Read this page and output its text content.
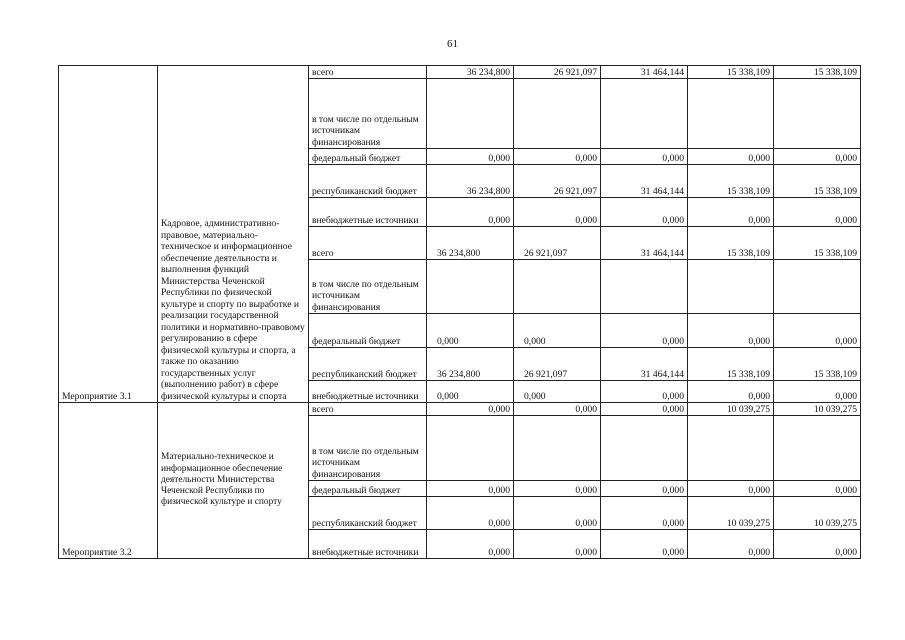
61
Мероприятие 3.1	Кадровое, административно-правовое, материально-техническое и информационное обеспечение деятельности и выполнения функций Министерства Чеченской Республики по физической культуре и спорту по выработке и реализации государственной политики и нормативно-правовому регулированию в сфере физической культуры и спорта, а также по оказанию государственных услуг (выполнению работ) в сфере физической культуры и спорта	всего	36 234,800	26 921,097	31 464,144	15 338,109	15 338,109
		в том числе по отдельным источникам финансирования					
		федеральный бюджет	0,000	0,000	0,000	0,000	0,000
		республиканский бюджет	36 234,800	26 921,097	31 464,144	15 338,109	15 338,109
		внебюджетные источники	0,000	0,000	0,000	0,000	0,000
		всего	36 234,800	26 921,097	31 464,144	15 338,109	15 338,109
		в том числе по отдельным источникам финансирования					
		федеральный бюджет	0,000	0,000	0,000	0,000	0,000
		республиканский бюджет	36 234,800	26 921,097	31 464,144	15 338,109	15 338,109
		внебюджетные источники	0,000	0,000	0,000	0,000	0,000
Мероприятие 3.2	Материально-техническое и информационное обеспечение деятельности Министерства Чеченской Республики по физической культуре и спорту	всего	0,000	0,000	0,000	10 039,275	10 039,275
		в том числе по отдельным источникам финансирования					
		федеральный бюджет	0,000	0,000	0,000	0,000	0,000
		республиканский бюджет	0,000	0,000	0,000	10 039,275	10 039,275
		внебюджетные источники	0,000	0,000	0,000	0,000	0,000
